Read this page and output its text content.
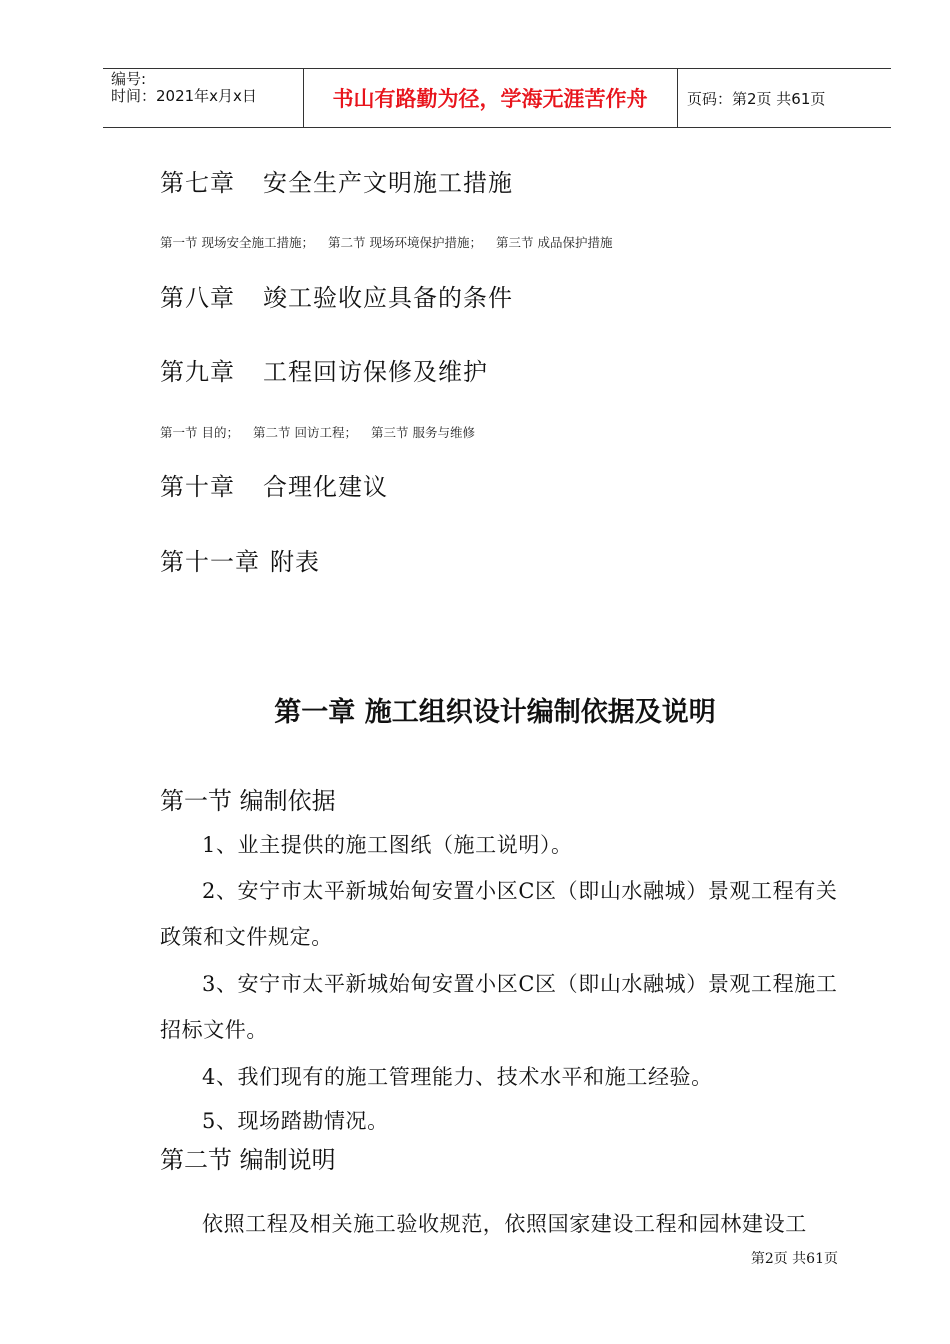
编号:
时间：2021年x月x日	书山有路勤为径，学海无涯苦作舟	页码：第2页 共61页
第七章 安全生产文明施工措施
第一节 现场安全施工措施； 第二节 现场环境保护措施； 第三节 成品保护措施
第八章 竣工验收应具备的条件
第九章 工程回访保修及维护
第一节 目的； 第二节 回访工程； 第三节 服务与维修
第十章 合理化建议
第十一章 附表
第一章 施工组织设计编制依据及说明
第一节 编制依据
1、业主提供的施工图纸（施工说明）。
2、安宁市太平新城始甸安置小区C区（即山水融城）景观工程有关
政策和文件规定。
3、安宁市太平新城始甸安置小区C区（即山水融城）景观工程施工
招标文件。
4、我们现有的施工管理能力、技术水平和施工经验。
5、现场踏勘情况。
第二节 编制说明
依照工程及相关施工验收规范，依照国家建设工程和园林建设工
第2页 共61页
